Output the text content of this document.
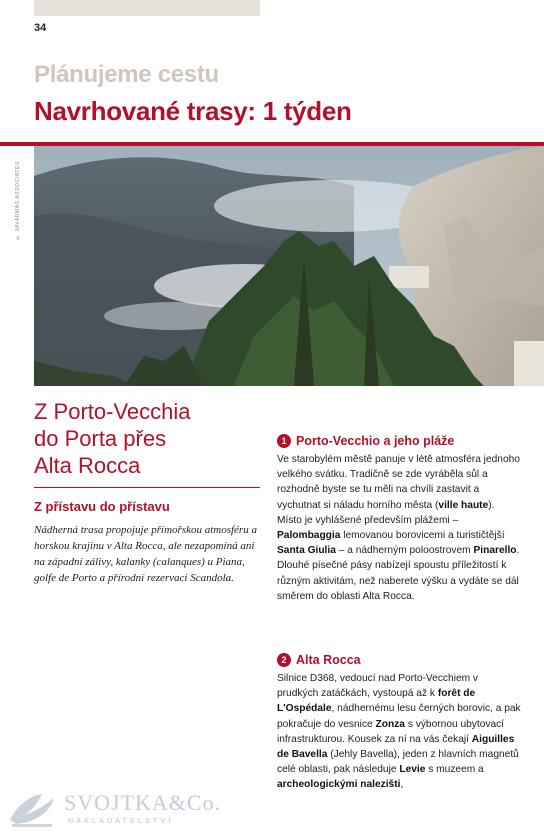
34
Plánujeme cestu
Navrhované trasy: 1 týden
© JAVARMAS ASSOCIATES
Z Porto-Vecchia
do Porta přes
Alta Rocca
Z přístavu do přístavu
Nádherná trasa propojuje přímořskou atmosféru a horskou krajinu v Alta Rocca, ale nezapomíná ani na západní zálivy, kalanky (calanques) u Piana, golfe de Porto a přírodní rezervaci Scandola.
1 Porto-Vecchio a jeho pláže
Ve starobylém městě panuje v létě atmosféra jednoho velkého svátku. Tradičně se zde vyráběla sůl a rozhodně byste se tu měli na chvíli zastavit a vychutnat si náladu horního města (ville haute). Místo je vyhlášené především plážemi – Palombaggia lemovanou borovicemi a turističtější Santa Giulia – a nádherným poloostrovem Pinarello. Dlouhé písečné pásy nabízejí spoustu příležitostí k různým aktivitám, než naberete výšku a vydáte se dál směrem do oblasti Alta Rocca.
2 Alta Rocca
Silnice D368, vedoucí nad Porto-Vecchiem v prudkých zatáčkách, vystoupá až k forêt de L'Ospédale, nádhernému lesu černých borovic, a pak pokračuje do vesnice Zonza s výbornou ubytovací infrastrukturou. Kousek za ní na vás čekají Aiguilles de Bavella (Jehly Bavella), jeden z hlavních magnetů celé oblasti, pak následuje Levie s muzeem a archeologickými nalezišti,
SVOJTKA&Co.
NAKLADATELSTVÍ
